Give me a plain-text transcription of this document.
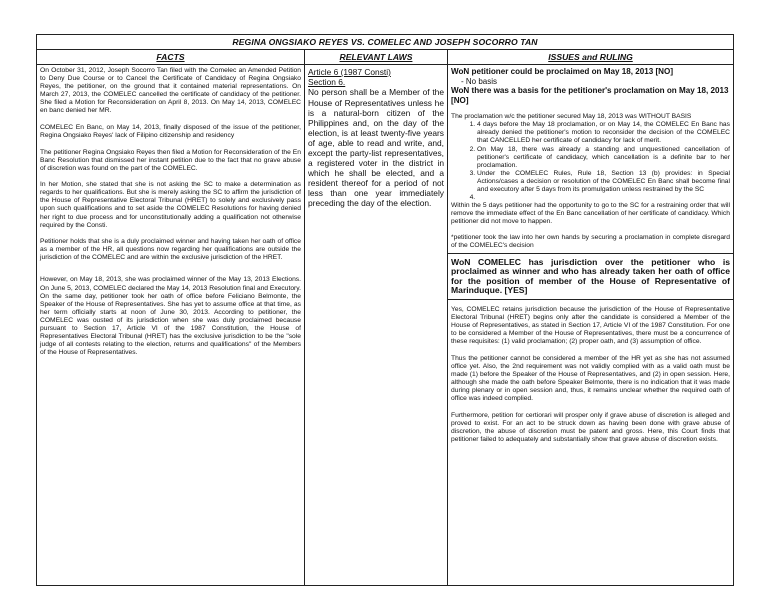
REGINA ONGSIAKO REYES VS. COMELEC AND JOSEPH SOCORRO TAN
FACTS	RELEVANT LAWS	ISSUES and RULING

On October 31, 2012, Joseph Socorro Tan filed with the Comelec an Amended Petition to Deny Due Course or to Cancel the Certificate of Candidacy of Regina Ongsiako Reyes, the petitioner, on the ground that it contained material representations. On March 27, 2013, the COMELEC cancelled the certificate of candidacy of the petitioner. She filed a Motion for Reconsideration on April 8, 2013. On May 14, 2013, COMELEC en banc denied her MR.

COMELEC En Banc, on May 14, 2013, finally disposed of the issue of the petitioner, Regina Ongsiako Reyes' lack of Filipino citizenship and residency

The petitioner Regina Ongsiako Reyes then filed a Motion for Reconsideration of the En Banc Resolution that dismissed her instant petition due to the fact that no grave abuse of discretion was found on the part of the COMELEC.

In her Motion, she stated that she is not asking the SC to make a determination as regards to her qualifications. But she is merely asking the SC to affirm the jurisdiction of the House of Representative Electoral Tribunal (HRET) to solely and exclusively pass upon such qualifications and to set aside the COMELEC Resolutions for having denied her right to due process and for unconstitutionally adding a qualification not otherwise required by the Consti.

Petitioner holds that she is a duly proclaimed winner and having taken her oath of office as a member of the HR, all questions now regarding her qualifications are outside the jurisdiction of the COMELEC and are within the exclusive jurisdiction of the HRET.

However, on May 18, 2013, she was proclaimed winner of the May 13, 2013 Elections. On June 5, 2013, COMELEC declared the May 14, 2013 Resolution final and Executory. On the same day, petitioner took her oath of office before Feliciano Belmonte, the Speaker of the House of Representatives. She has yet to assume office at that time, as her term officially starts at noon of June 30, 2013. According to petitioner, the COMELEC was ousted of its jurisdiction when she was duly proclaimed because pursuant to Section 17, Article VI of the 1987 Constitution, the House of Representatives Electoral Tribunal (HRET) has the exclusive jurisdiction to be the "sole judge of all contests relating to the election, returns and qualifications" of the Members of the House of Representatives.

Article 6 (1987 Consti)

Section 6.

No person shall be a Member of the House of Representatives unless he is a natural-born citizen of the Philippines and, on the day of the election, is at least twenty-five years of age, able to read and write, and, except the party-list representatives, a registered voter in the district in which he shall be elected, and a resident thereof for a period of not less than one year immediately preceding the day of the election.

WoN petitioner could be proclaimed on May 18, 2013 [NO]

- No basis

WoN there was a basis for the petitioner's proclamation on May 18, 2013 [NO]

The proclamation w/c the petitioner secured May 18, 2013 was WITHOUT BASIS

1. 4 days before the May 18 proclamation, or on May 14, the COMELEC En Banc has already denied the petitioner's motion to reconsider the decision of the COMELEC that CANCELLED her certificate of candidacy for lack of merit.
2. On May 18, there was already a standing and unquestioned cancellation of petitioner's certificate of candidacy, which cancellation is a definite bar to her proclamation.
3. Under the COMELEC Rules, Rule 18, Section 13 (b) provides: in Special Actions/cases a decision or resolution of the COMELEC En Banc shall become final and executory after 5 days from its promulgation unless restrained by the SC
4.

Within the 5 days petitioner had the opportunity to go to the SC for a restraining order that will remove the immediate effect of the En Banc cancellation of her certificate of candidacy. Which petitioner did not move to happen.

*petitioner took the law into her own hands by securing a proclamation in complete disregard of the COMELEC's decision

WoN COMELEC has jurisdiction over the petitioner who is proclaimed as winner and who has already taken her oath of office for the position of member of the House of Representative of Marinduque. [YES]

Yes, COMELEC retains jurisdiction because the jurisdiction of the House of Representative Electoral Tribunal (HRET) begins only after the candidate is considered a Member of the House of Representatives, as stated in Section 17, Article VI of the 1987 Constitution. For one to be considered a Member of the House of Representatives, there must be a concurrence of these requisites: (1) valid proclamation; (2) proper oath, and (3) assumption of office.

Thus the petitioner cannot be considered a member of the HR yet as she has not assumed office yet. Also, the 2nd requirement was not validly complied with as a valid oath must be made (1) before the Speaker of the House of Representatives, and (2) in open session. Here, although she made the oath before Speaker Belmonte, there is no indication that it was made during plenary or in open session and, thus, it remains unclear whether the required oath of office was indeed complied.

Furthermore, petition for certiorari will prosper only if grave abuse of discretion is alleged and proved to exist. For an act to be struck down as having been done with grave abuse of discretion, the abuse of discretion must be patent and gross. Here, this Court finds that petitioner failed to adequately and substantially show that grave abuse of discretion exists.
